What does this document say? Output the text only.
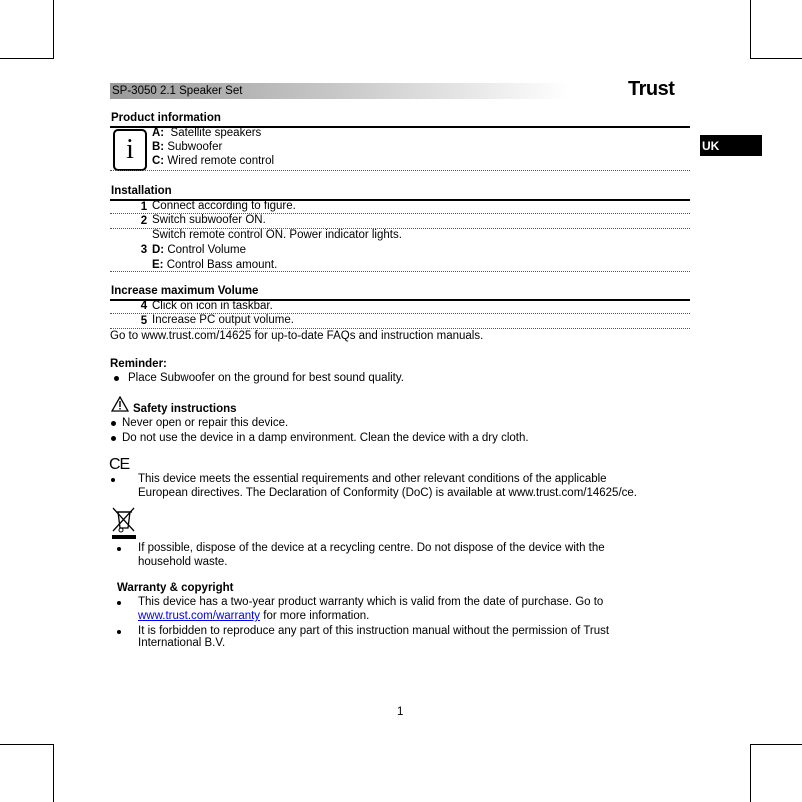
SP-3050 2.1 Speaker Set	Trust
UK
Product information
i
A: Satellite speakers
B: Subwoofer
C: Wired remote control
Installation
1 Connect according to figure.
2 Switch subwoofer ON.
Switch remote control ON. Power indicator lights.
3 D: Control Volume
E: Control Bass amount.
Increase maximum Volume
4 Click on icon in taskbar.
5 Increase PC output volume.
Go to www.trust.com/14625 for up-to-date FAQs and instruction manuals.
Reminder:
Place Subwoofer on the ground for best sound quality.
Safety instructions
Never open or repair this device.
Do not use the device in a damp environment. Clean the device with a dry cloth.
CE
This device meets the essential requirements and other relevant conditions of the applicable
European directives. The Declaration of Conformity (DoC) is available at www.trust.com/14625/ce.
If possible, dispose of the device at a recycling centre. Do not dispose of the device with the
household waste.
Warranty & copyright
This device has a two-year product warranty which is valid from the date of purchase. Go to
www.trust.com/warranty for more information.
It is forbidden to reproduce any part of this instruction manual without the permission of Trust
International B.V.
1
